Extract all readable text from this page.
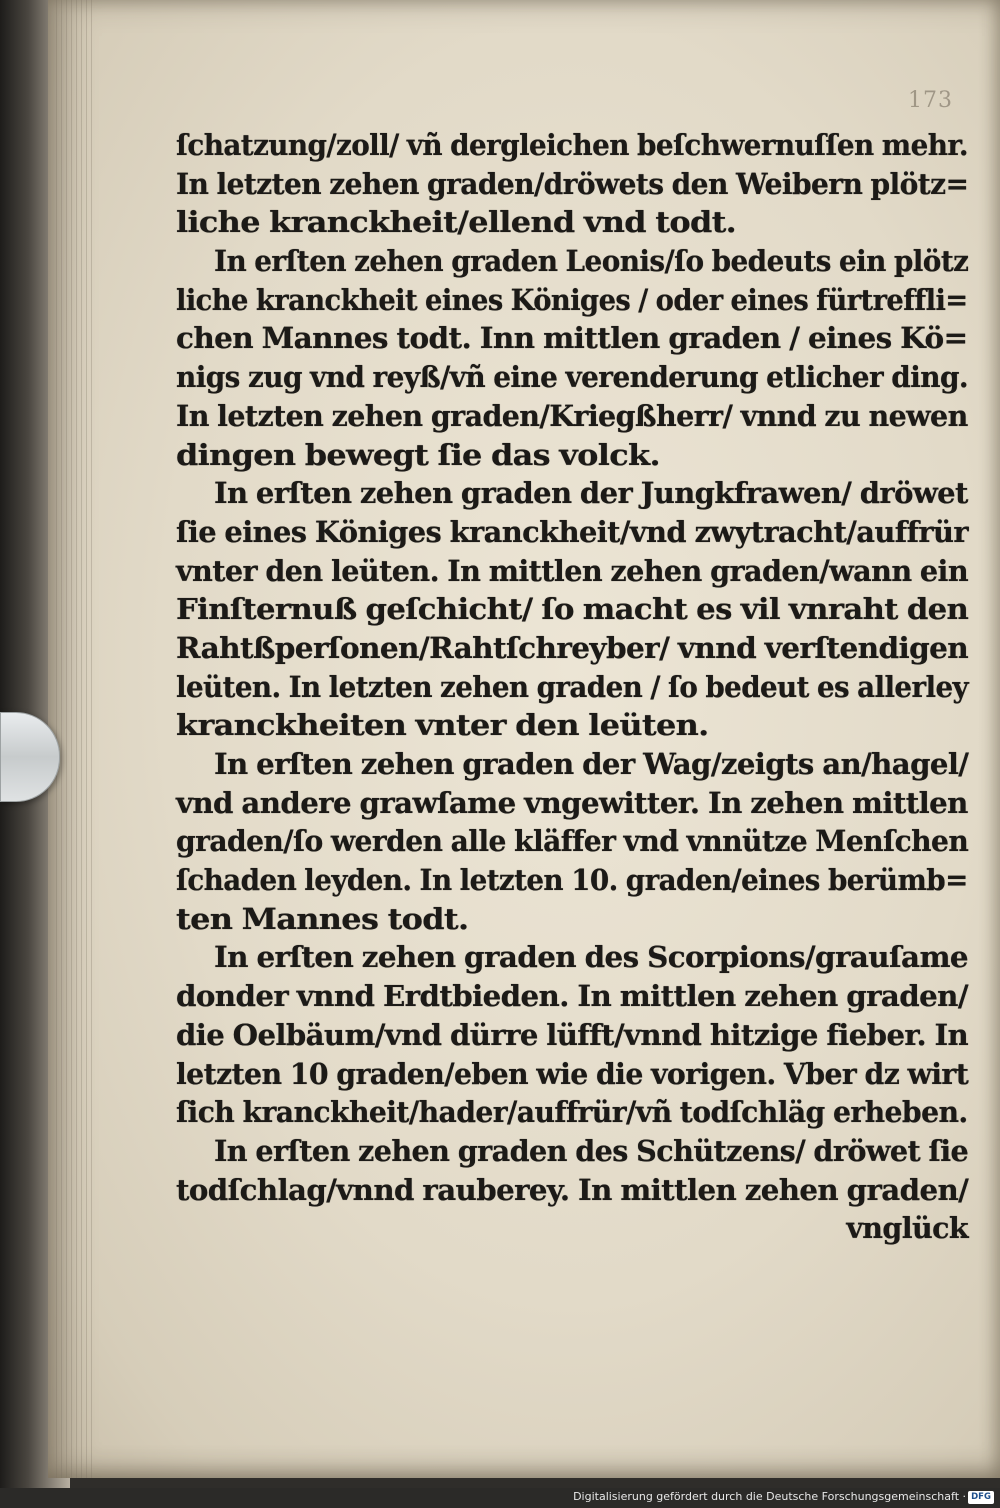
173
ſchatzung/zoll/ vñ dergleichen beſchwernuſſen mehr.
In letzten zehen graden/dröwets den Weibern plötz=
liche kranckheit/ellend vnd todt.
In erſten zehen graden Leonis/ſo bedeuts ein plötz
liche kranckheit eines Königes / oder eines fürtreffli=
chen Mannes todt. Inn mittlen graden / eines Kö=
nigs zug vnd reyß/vñ eine verenderung etlicher ding.
In letzten zehen graden/Kriegßherr/ vnnd zu newen
dingen bewegt ſie das volck.
In erſten zehen graden der Jungkfrawen/ dröwet
ſie eines Königes kranckheit/vnd zwytracht/auffrür
vnter den leüten. In mittlen zehen graden/wann ein
Finſternuß geſchicht/ ſo macht es vil vnraht den
Rahtßperſonen/Rahtſchreyber/ vnnd verſtendigen
leüten. In letzten zehen graden / ſo bedeut es allerley
kranckheiten vnter den leüten.
In erſten zehen graden der Wag/zeigts an/hagel/
vnd andere grawſame vngewitter. In zehen mittlen
graden/ſo werden alle kläffer vnd vnnütze Menſchen
ſchaden leyden. In letzten 10. graden/eines berümb=
ten Mannes todt.
In erſten zehen graden des Scorpions/grauſame
donder vnnd Erdtbieden. In mittlen zehen graden/
die Oelbäum/vnd dürre lüfft/vnnd hitzige fieber. In
letzten 10 graden/eben wie die vorigen. Vber dz wirt
ſich kranckheit/hader/auffrür/vñ todſchläg erheben.
In erſten zehen graden des Schützens/ dröwet ſie
todſchlag/vnnd rauberey. In mittlen zehen graden/
vnglück
Digitalisierung gefördert durch die Deutsche Forschungsgemeinschaft · DFG
